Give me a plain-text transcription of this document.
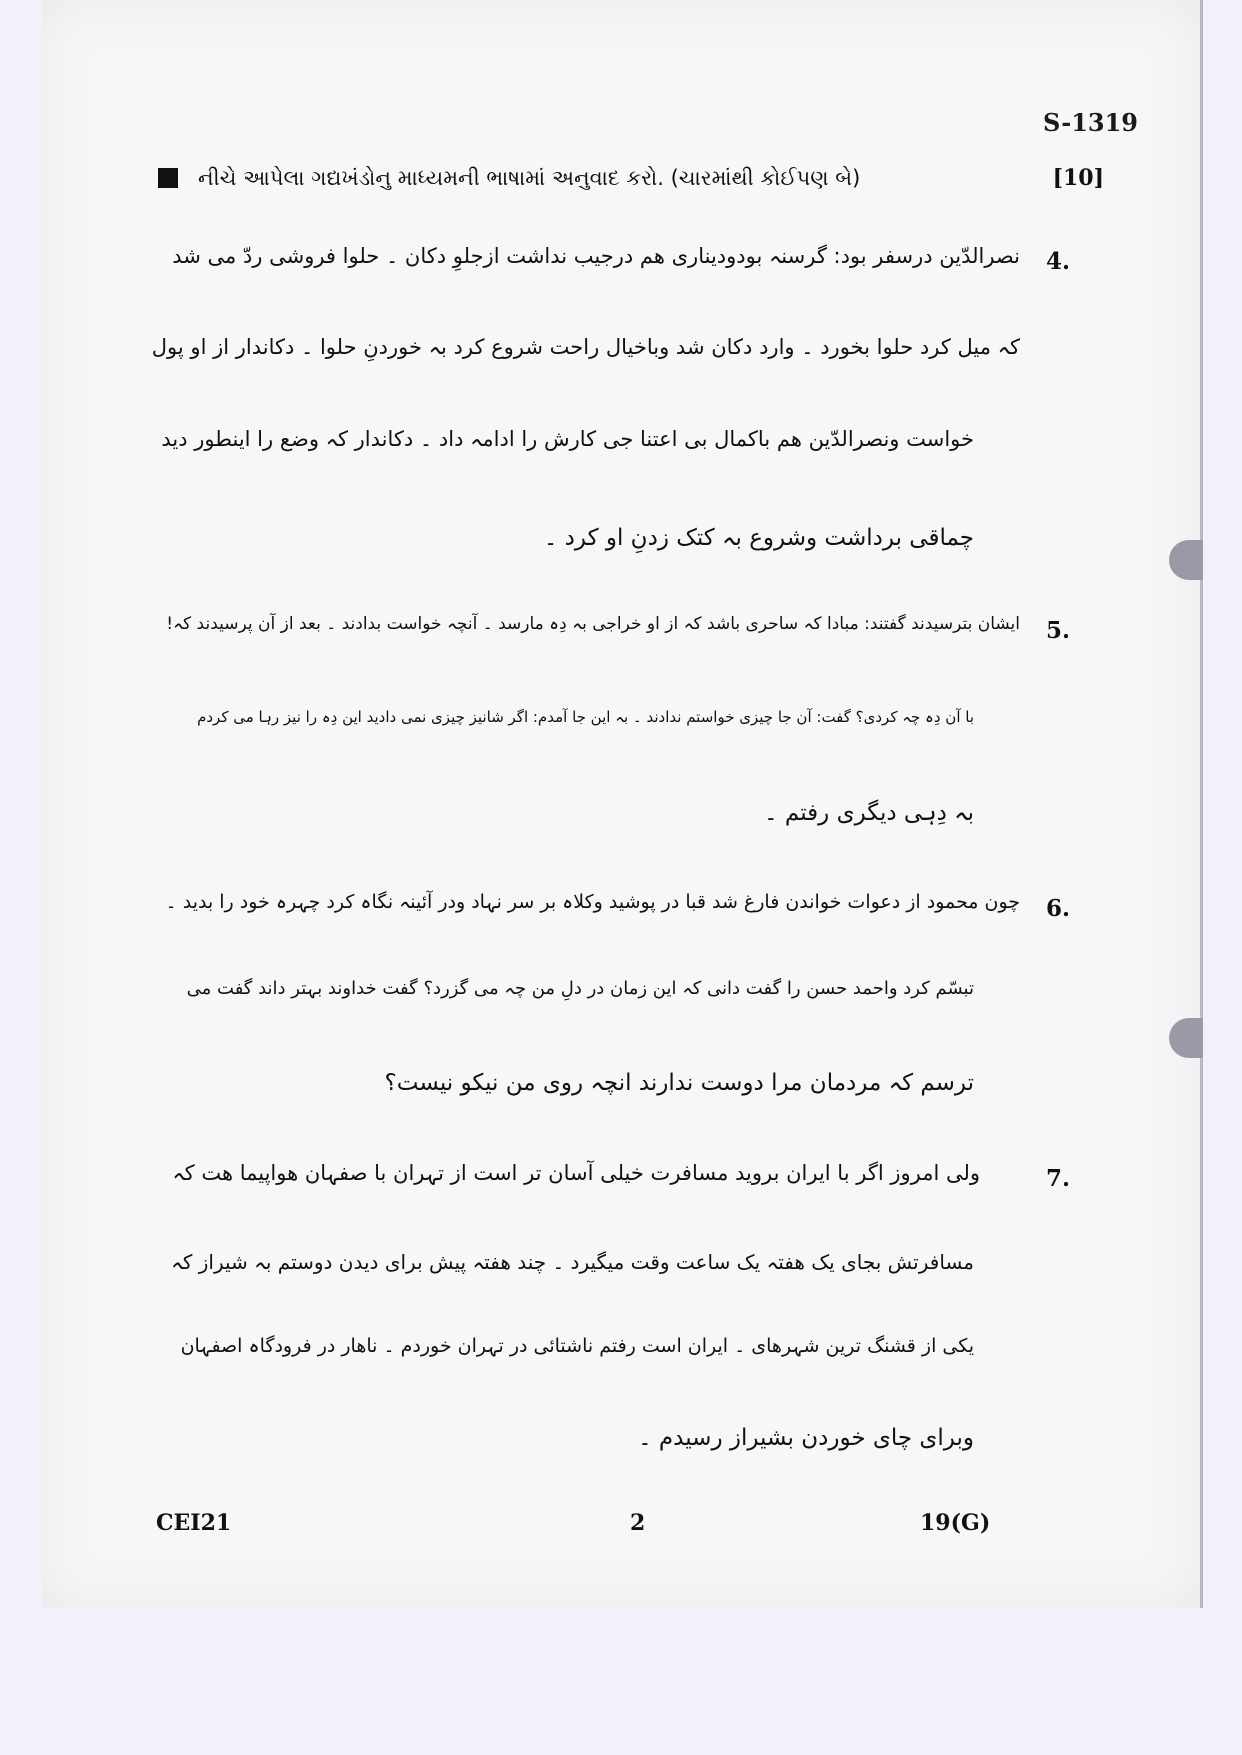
S-1319
નીચે આપેલા ગદ્યખંડોનુ માધ્યમની ભાષામાં અનુવાદ કરો. (ચારમાંથી કોઈપણ બે)	[10]
4.
نصرالدّین درسفر بود: گرسنہ بودودیناری ھم درجیب نداشت ازجلوِ دکان ۔ حلوا فروشی ردّ می شد
کہ میل کرد حلوا بخورد ۔ وارد دکان شد وباخیال راحت شروع کرد بہ خوردنِ حلوا ۔ دکاندار از او پول
خواست ونصرالدّین ھم باکمال بی اعتنا جی کارش را ادامہ داد ۔ دکاندار کہ وضع را اینطور دید
چماقی برداشت وشروع بہ کتک زدنِ او کرد ۔
5.
ایشان بترسیدند گفتند: مبادا کہ ساحری باشد کہ از او خراجی بہ دِہ مارسد ۔ آنچہ خواست بدادند ۔ بعد از آن پرسیدند کہ!
با آن دِہ چہ کردی؟ گفت: آن جا چیزی خواستم ندادند ۔ بہ این جا آمدم: اگر شانیز چیزی نمی دادید این دِہ را نیز رہا می کردم
بہ دِہی دیگری رفتم ۔
6.
چون محمود از دعوات خواندن فارغ شد قبا در پوشید وکلاہ بر سر نہاد ودر آئینہ نگاہ کرد چہرہ خود را بدید ۔
تبسّم کرد واحمد حسن را گفت دانی کہ این زمان در دلِ من چہ می گزرد؟ گفت خداوند بہتر داند گفت می
ترسم کہ مردمان مرا دوست ندارند انچہ روی من نیکو نیست؟
7.
ولی امروز اگر با ایران بروید مسافرت خیلی آسان تر است از تہران با صفہان ھواپیما ھت کہ
مسافرتش بجای یک ھفتہ یک ساعت وقت میگیرد ۔ چند ھفتہ پیش برای دیدن دوستم بہ شیراز کہ
یکی از قشنگ ترین شہرھای ۔ ایران است رفتم ناشتائی در تہران خوردم ۔ ناھار در فرودگاہ اصفہان
وبرای چای خوردن بشیراز رسیدم ۔
CEI21	2	19(G)
